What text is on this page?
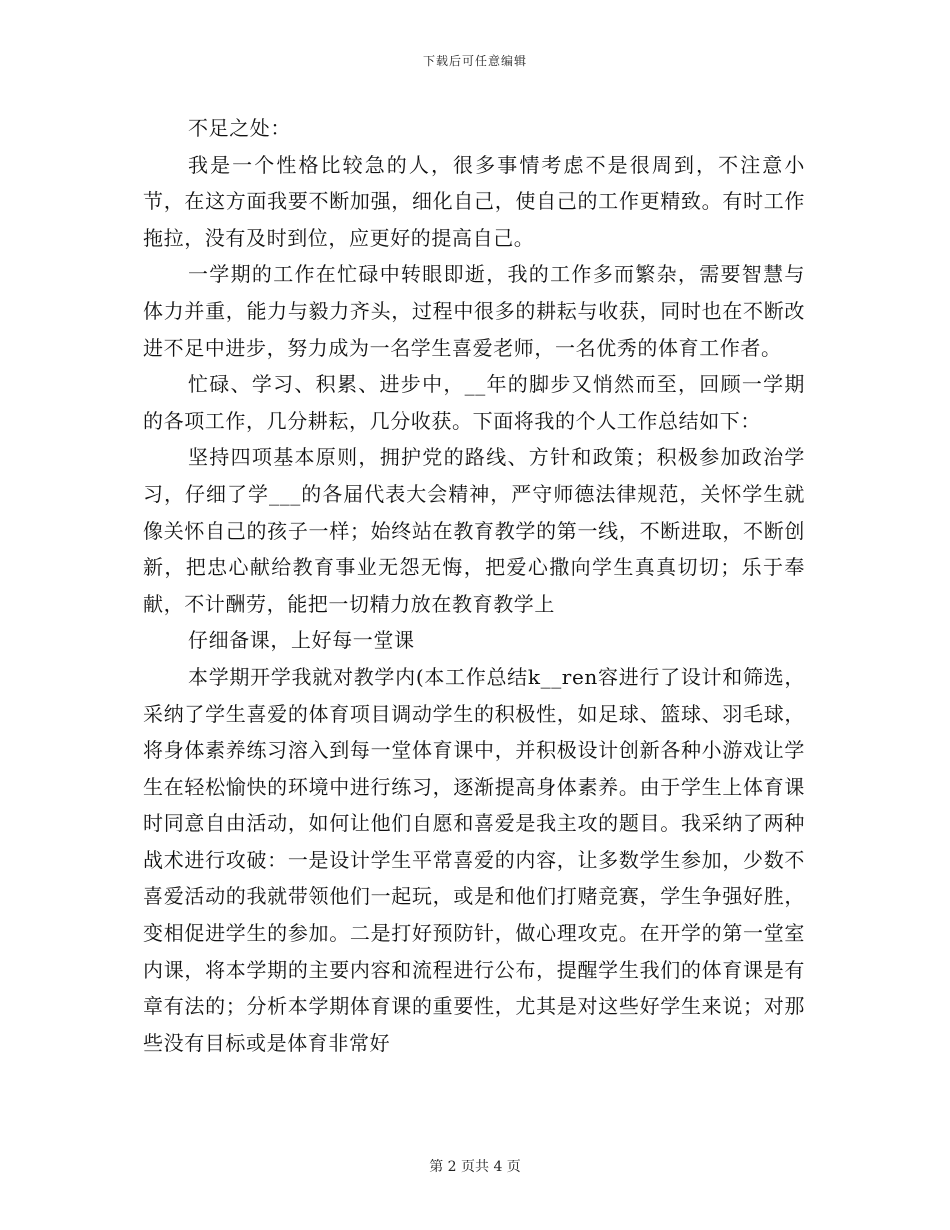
下载后可任意编辑

不足之处：

我是一个性格比较急的人，很多事情考虑不是很周到，不注意小节，在这方面我要不断加强，细化自己，使自己的工作更精致。有时工作拖拉，没有及时到位，应更好的提高自己。

一学期的工作在忙碌中转眼即逝，我的工作多而繁杂，需要智慧与体力并重，能力与毅力齐头，过程中很多的耕耘与收获，同时也在不断改进不足中进步，努力成为一名学生喜爱老师，一名优秀的体育工作者。

忙碌、学习、积累、进步中，__年的脚步又悄然而至，回顾一学期的各项工作，几分耕耘，几分收获。下面将我的个人工作总结如下：

坚持四项基本原则，拥护党的路线、方针和政策；积极参加政治学习，仔细了学___的各届代表大会精神，严守师德法律规范，关怀学生就像关怀自己的孩子一样；始终站在教育教学的第一线，不断进取，不断创新，把忠心献给教育事业无怨无悔，把爱心撒向学生真真切切；乐于奉献，不计酬劳，能把一切精力放在教育教学上

仔细备课，上好每一堂课

本学期开学我就对教学内(本工作总结k__ren容进行了设计和筛选，采纳了学生喜爱的体育项目调动学生的积极性，如足球、篮球、羽毛球，将身体素养练习溶入到每一堂体育课中，并积极设计创新各种小游戏让学生在轻松愉快的环境中进行练习，逐渐提高身体素养。由于学生上体育课时同意自由活动，如何让他们自愿和喜爱是我主攻的题目。我采纳了两种战术进行攻破：一是设计学生平常喜爱的内容，让多数学生参加，少数不喜爱活动的我就带领他们一起玩，或是和他们打赌竞赛，学生争强好胜，变相促进学生的参加。二是打好预防针，做心理攻克。在开学的第一堂室内课，将本学期的主要内容和流程进行公布，提醒学生我们的体育课是有章有法的；分析本学期体育课的重要性，尤其是对这些好学生来说；对那些没有目标或是体育非常好

第 2 页共 4 页
